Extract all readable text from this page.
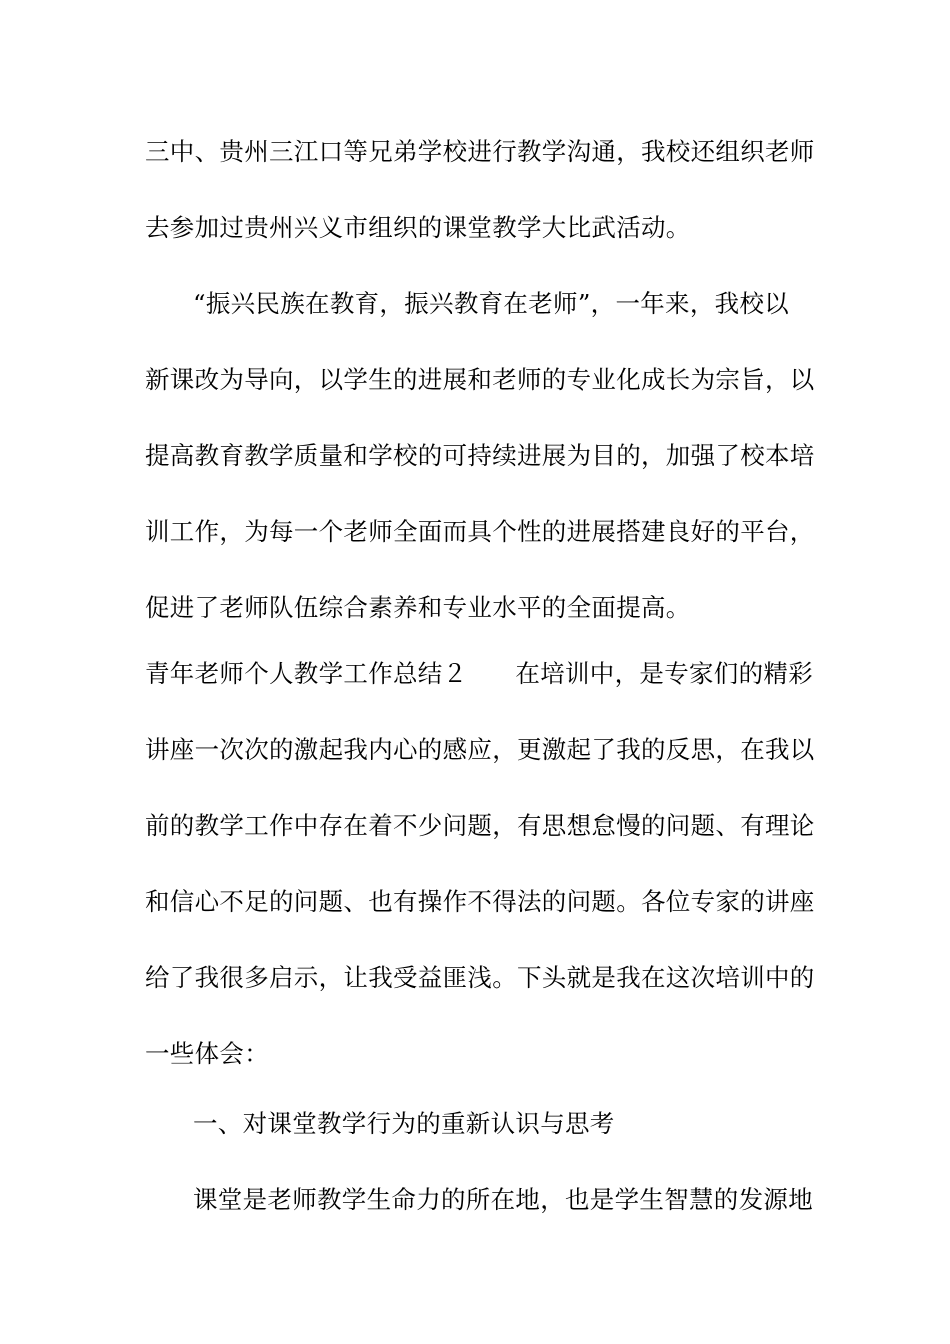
三中、贵州三江口等兄弟学校进行教学沟通，我校还组织老师
去参加过贵州兴义市组织的课堂教学大比武活动。
“振兴民族在教育，振兴教育在老师”，一年来，我校以
新课改为导向，以学生的进展和老师的专业化成长为宗旨，以
提高教育教学质量和学校的可持续进展为目的，加强了校本培
训工作，为每一个老师全面而具个性的进展搭建良好的平台，
促进了老师队伍综合素养和专业水平的全面提高。
青年老师个人教学工作总结２ 在培训中，是专家们的精彩
讲座一次次的激起我内心的感应，更激起了我的反思，在我以
前的教学工作中存在着不少问题，有思想怠慢的问题、有理论
和信心不足的问题、也有操作不得法的问题。各位专家的讲座
给了我很多启示，让我受益匪浅。下头就是我在这次培训中的
一些体会：
一、对课堂教学行为的重新认识与思考
课堂是老师教学生命力的所在地，也是学生智慧的发源地
